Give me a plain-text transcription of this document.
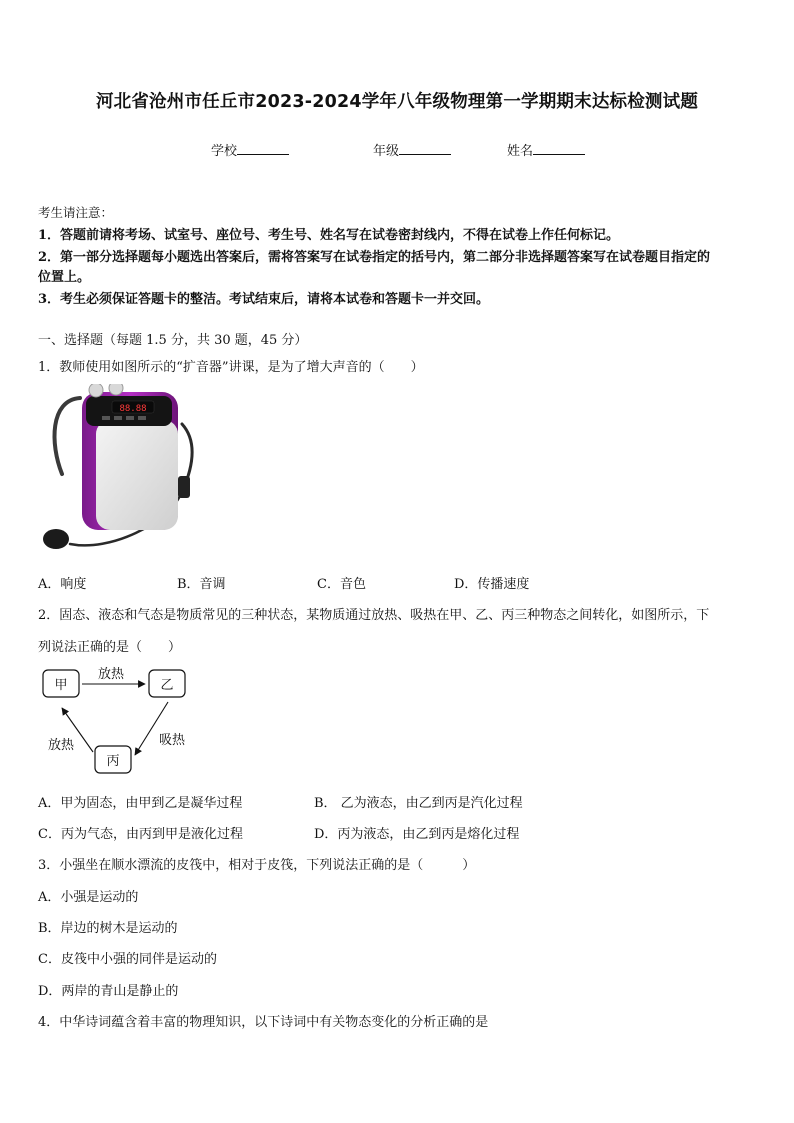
河北省沧州市任丘市2023-2024学年八年级物理第一学期期末达标检测试题
学校	年级	姓名
考生请注意：
1．答题前请将考场、试室号、座位号、考生号、姓名写在试卷密封线内，不得在试卷上作任何标记。
2．第一部分选择题每小题选出答案后，需将答案写在试卷指定的括号内，第二部分非选择题答案写在试卷题目指定的
位置上。
3．考生必须保证答题卡的整洁。考试结束后，请将本试卷和答题卡一并交回。
一、选择题（每题 1.5 分，共 30 题，45 分）
1．教师使用如图所示的“扩音器”讲课，是为了增大声音的（　　）
88.88
A．响度	B．音调	C．音色	D．传播速度
2．固态、液态和气态是物质常见的三种状态，某物质通过放热、吸热在甲、乙、丙三种物态之间转化，如图所示，下
列说法正确的是（　　）
甲	乙
丙
放热
吸热
放热
A．甲为固态，由甲到乙是凝华过程	B． 乙为液态，由乙到丙是汽化过程
C．丙为气态，由丙到甲是液化过程	D．丙为液态，由乙到丙是熔化过程
3．小强坐在顺水漂流的皮筏中，相对于皮筏，下列说法正确的是（　　　）
A．小强是运动的
B．岸边的树木是运动的
C．皮筏中小强的同伴是运动的
D．两岸的青山是静止的
4．中华诗词蕴含着丰富的物理知识，以下诗词中有关物态变化的分析正确的是
